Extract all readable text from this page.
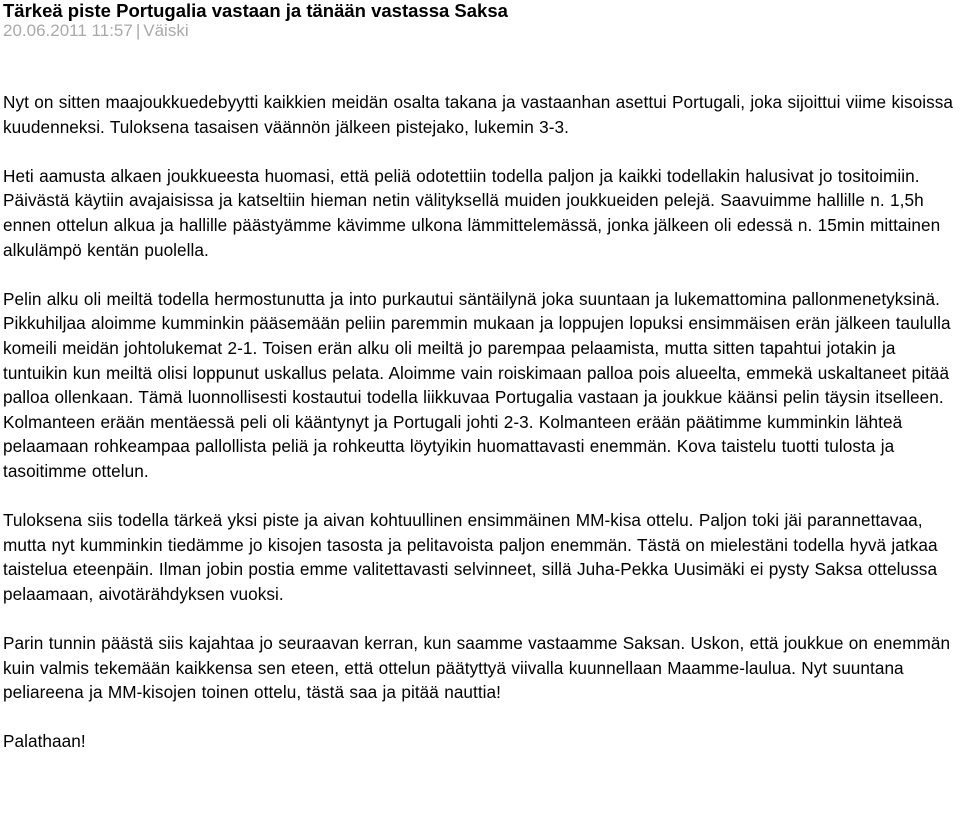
Tärkeä piste Portugalia vastaan ja tänään vastassa Saksa
20.06.2011 11:57 | Väiski

Nyt on sitten maajoukkuedebyytti kaikkien meidän osalta takana ja vastaanhan asettui Portugali, joka sijoittui viime kisoissa kuudenneksi. Tuloksena tasaisen väännön jälkeen pistejako, lukemin 3-3.

Heti aamusta alkaen joukkueesta huomasi, että peliä odotettiin todella paljon ja kaikki todellakin halusivat jo tositoimiin. Päivästä käytiin avajaisissa ja katseltiin hieman netin välityksellä muiden joukkueiden pelejä. Saavuimme hallille n. 1,5h ennen ottelun alkua ja hallille päästyämme kävimme ulkona lämmittelemässä, jonka jälkeen oli edessä n. 15min mittainen alkulämpö kentän puolella.

Pelin alku oli meiltä todella hermostunutta ja into purkautui säntäilynä joka suuntaan ja lukemattomina pallonmenetyksinä. Pikkuhiljaa aloimme kumminkin pääsemään peliin paremmin mukaan ja loppujen lopuksi ensimmäisen erän jälkeen taululla komeili meidän johtolukemat 2-1. Toisen erän alku oli meiltä jo parempaa pelaamista, mutta sitten tapahtui jotakin ja tuntuikin kun meiltä olisi loppunut uskallus pelata. Aloimme vain roiskimaan palloa pois alueelta, emmekä uskaltaneet pitää palloa ollenkaan. Tämä luonnollisesti kostautui todella liikkuvaa Portugalia vastaan ja joukkue käänsi pelin täysin itselleen. Kolmanteen erään mentäessä peli oli kääntynyt ja Portugali johti 2-3. Kolmanteen erään päätimme kumminkin lähteä pelaamaan rohkeampaa pallollista peliä ja rohkeutta löytyikin huomattavasti enemmän. Kova taistelu tuotti tulosta ja tasoitimme ottelun.

Tuloksena siis todella tärkeä yksi piste ja aivan kohtuullinen ensimmäinen MM-kisa ottelu. Paljon toki jäi parannettavaa, mutta nyt kumminkin tiedämme jo kisojen tasosta ja pelitavoista paljon enemmän. Tästä on mielestäni todella hyvä jatkaa taistelua eteenpäin. Ilman jobin postia emme valitettavasti selvinneet, sillä Juha-Pekka Uusimäki ei pysty Saksa ottelussa pelaamaan, aivotärähdyksen vuoksi.

Parin tunnin päästä siis kajahtaa jo seuraavan kerran, kun saamme vastaamme Saksan. Uskon, että joukkue on enemmän kuin valmis tekemään kaikkensa sen eteen, että ottelun päätyttyä viivalla kuunnellaan Maamme-laulua. Nyt suuntana peliareena ja MM-kisojen toinen ottelu, tästä saa ja pitää nauttia!

Palathaan!
